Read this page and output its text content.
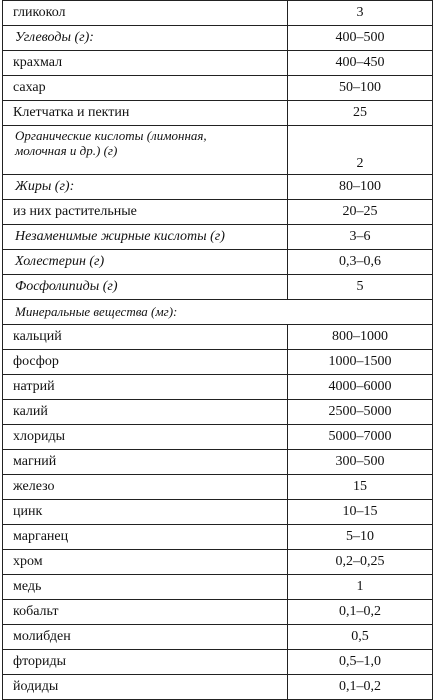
гликокол	3
Углеводы (г):	400–500
крахмал	400–450
сахар	50–100
Клетчатка и пектин	25
Органические кислоты (лимонная,
молочная и др.) (г)	2
Жиры (г):	80–100
из них растительные	20–25
Незаменимые жирные кислоты (г)	3–6
Холестерин (г)	0,3–0,6
Фосфолипиды (г)	5
Минеральные вещества (мг):	
кальций	800–1000
фосфор	1000–1500
натрий	4000–6000
калий	2500–5000
хлориды	5000–7000
магний	300–500
железо	15
цинк	10–15
марганец	5–10
хром	0,2–0,25
медь	1
кобальт	0,1–0,2
молибден	0,5
фториды	0,5–1,0
йодиды	0,1–0,2
